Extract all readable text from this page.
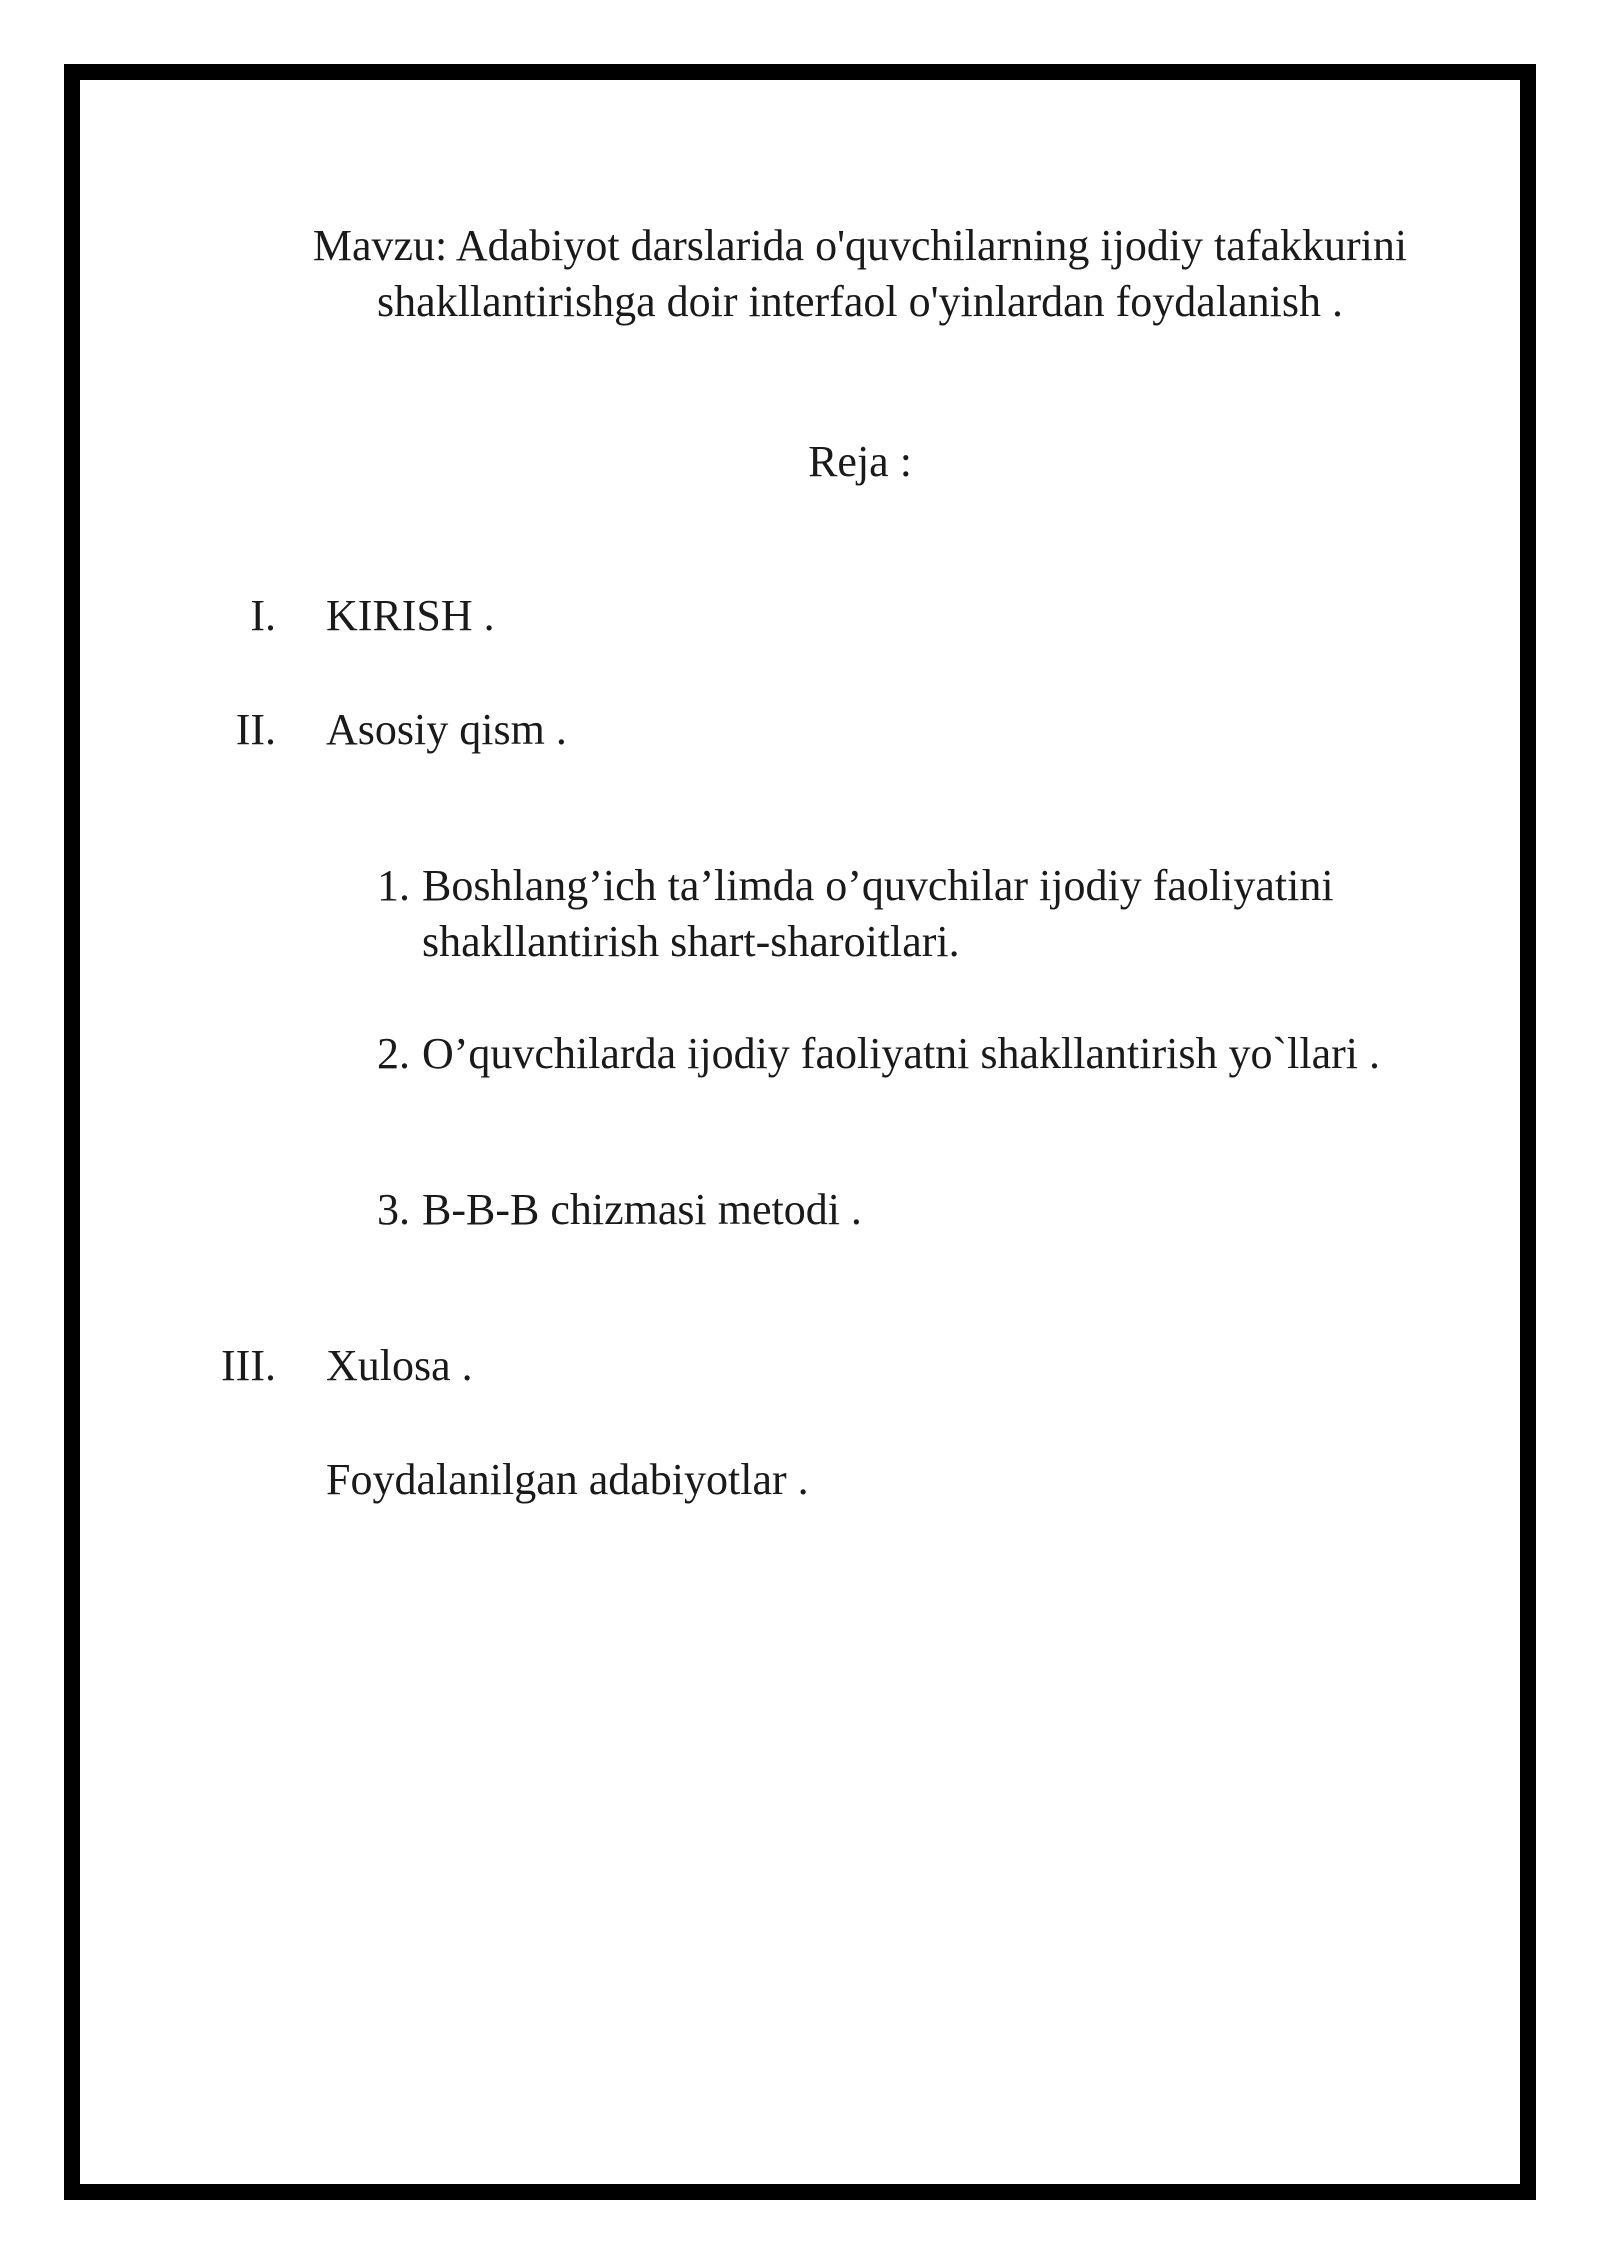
Mavzu: Adabiyot darslarida o'quvchilarning ijodiy tafakkurini
shakllantirishga doir interfaol o'yinlardan foydalanish .
Reja :
I. KIRISH .
II. Asosiy qism .
1. Boshlang’ich ta’limda o’quvchilar ijodiy faoliyatini
shakllantirish shart-sharoitlari.
2. O’quvchilarda ijodiy faoliyatni shakllantirish yo`llari .
3. B-B-B chizmasi metodi .
III. Xulosa .
Foydalanilgan adabiyotlar .
